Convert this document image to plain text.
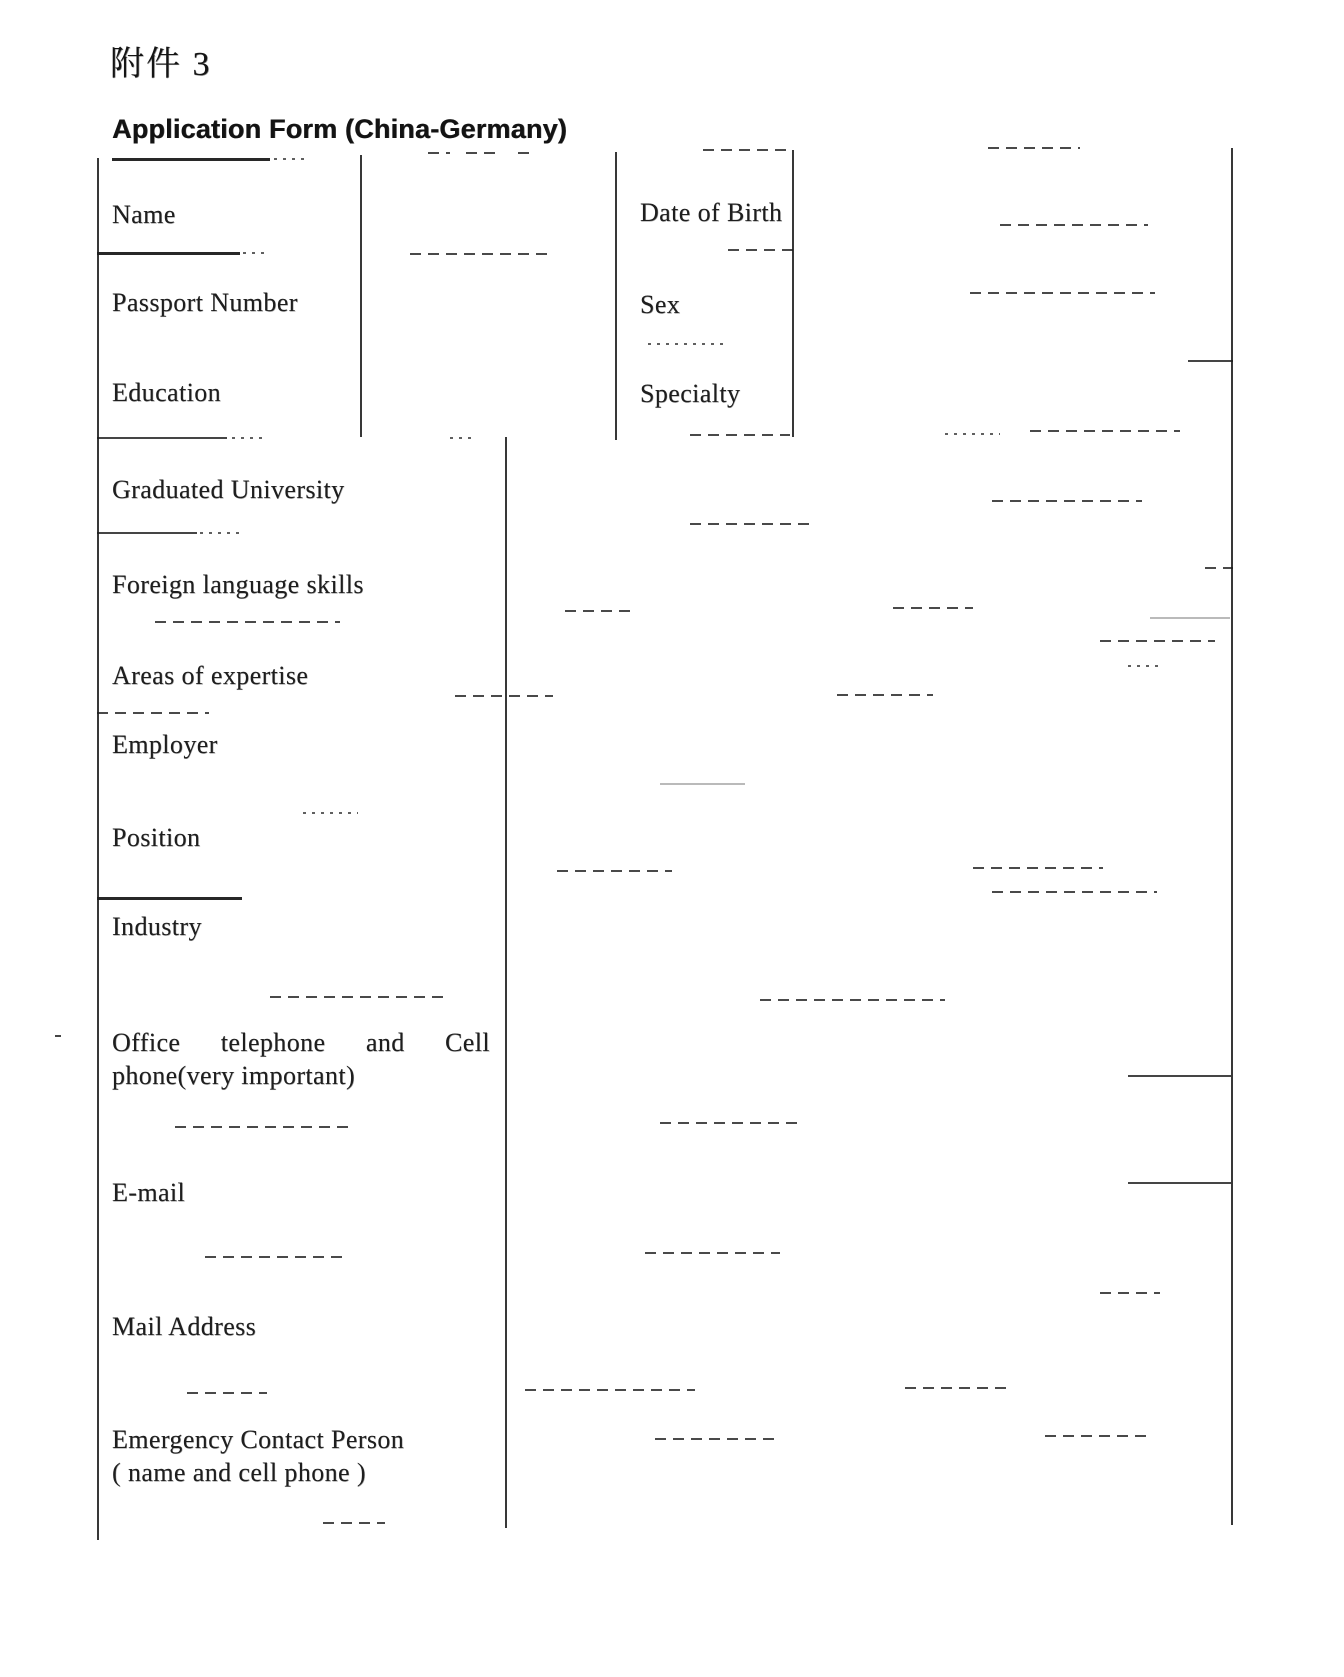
附件 3
Application Form (China-Germany)
Name	Date of Birth
Passport Number	Sex
Education	Specialty
Graduated University
Foreign language skills
Areas of expertise
Employer
Position
Industry
Office telephone and Cell
phone(very important)
E-mail
Mail Address
Emergency Contact Person
( name and cell phone )
